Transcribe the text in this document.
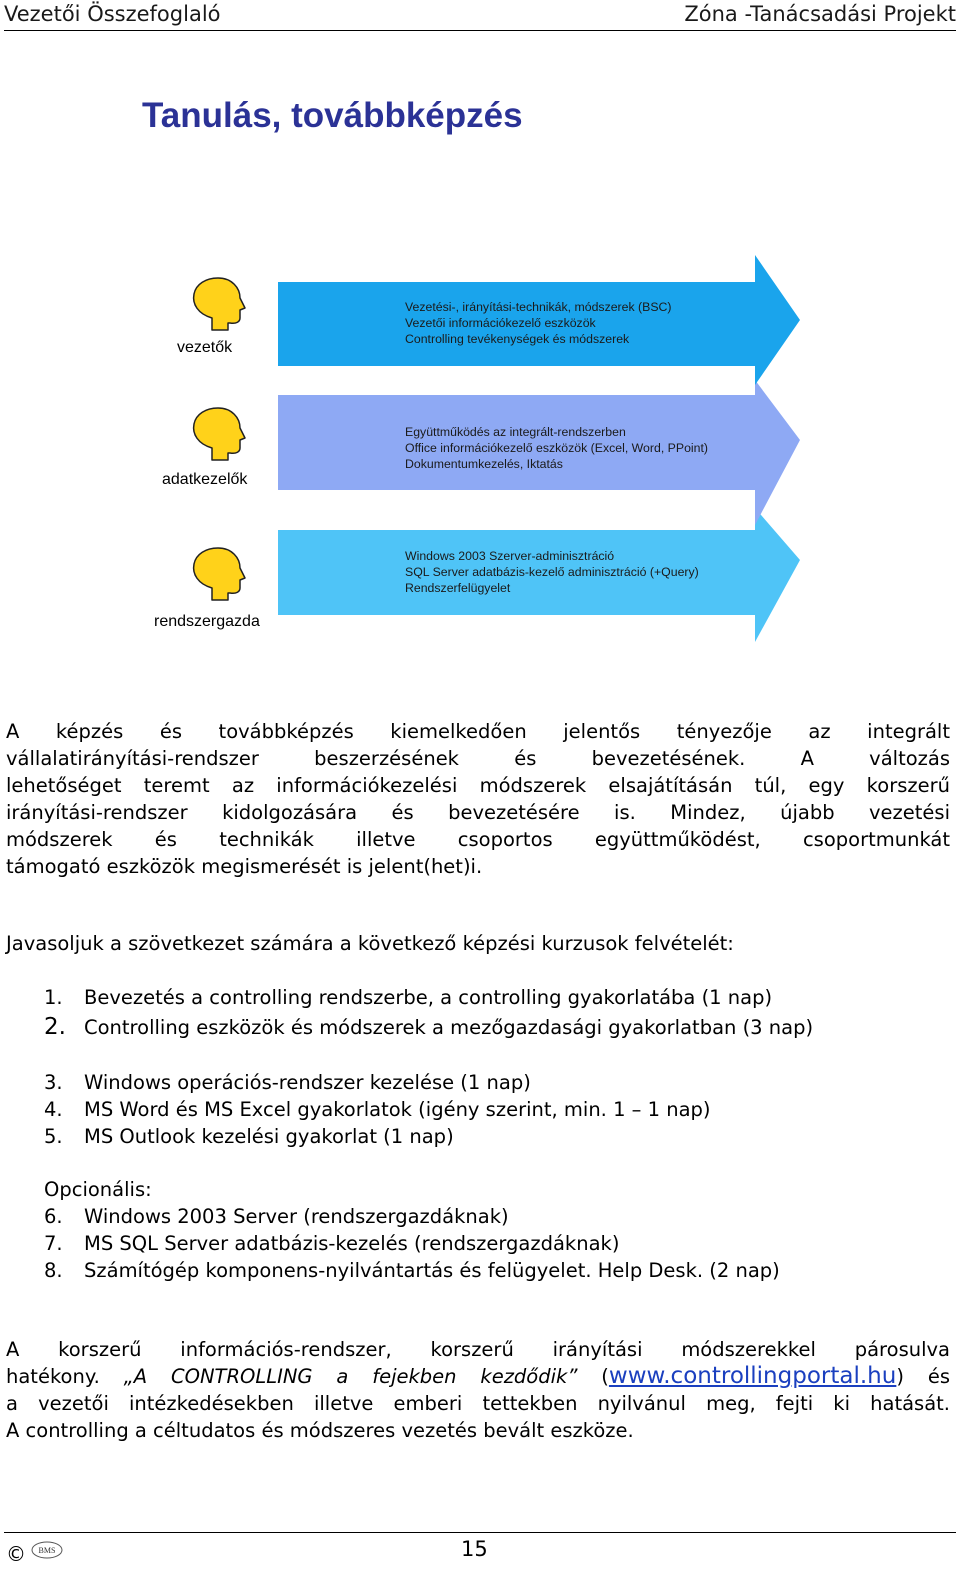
Vezetői Összefoglaló	Zóna -Tanácsadási Projekt
Tanulás, továbbképzés
vezetők
adatkezelők
rendszergazda
Vezetési-, irányítási-technikák, módszerek (BSC)
Vezetői információkezelő eszközök
Controlling tevékenységek és módszerek
Együttműködés az integrált-rendszerben
Office információkezelő eszközök (Excel, Word, PPoint)
Dokumentumkezelés, Iktatás
Windows 2003 Szerver-adminisztráció
SQL Server adatbázis-kezelő adminisztráció (+Query)
Rendszerfelügyelet
A képzés és továbbképzés kiemelkedően jelentős tényezője az integrált
vállalatirányítási-rendszer beszerzésének és bevezetésének. A változás
lehetőséget teremt az információkezelési módszerek elsajátításán túl, egy korszerű
irányítási-rendszer kidolgozására és bevezetésére is. Mindez, újabb vezetési
módszerek és technikák illetve csoportos együttműködést, csoportmunkát
támogató eszközök megismerését is jelent(het)i.
Javasoljuk a szövetkezet számára a következő képzési kurzusok felvételét:
1. Bevezetés a controlling rendszerbe, a controlling gyakorlatába (1 nap)
2. Controlling eszközök és módszerek a mezőgazdasági gyakorlatban (3 nap)
3. Windows operációs-rendszer kezelése (1 nap)
4. MS Word és MS Excel gyakorlatok (igény szerint, min. 1 – 1 nap)
5. MS Outlook kezelési gyakorlat (1 nap)
Opcionális:
6. Windows 2003 Server (rendszergazdáknak)
7. MS SQL Server adatbázis-kezelés (rendszergazdáknak)
8. Számítógép komponens-nyilvántartás és felügyelet. Help Desk. (2 nap)
A korszerű információs-rendszer, korszerű irányítási módszerekkel párosulva
hatékony. „A CONTROLLING a fejekben kezdődik” (www.controllingportal.hu) és
a vezetői intézkedésekben illetve emberi tettekben nyilvánul meg, fejti ki hatását.
A controlling a céltudatos és módszeres vezetés bevált eszköze.
© BMS	15
